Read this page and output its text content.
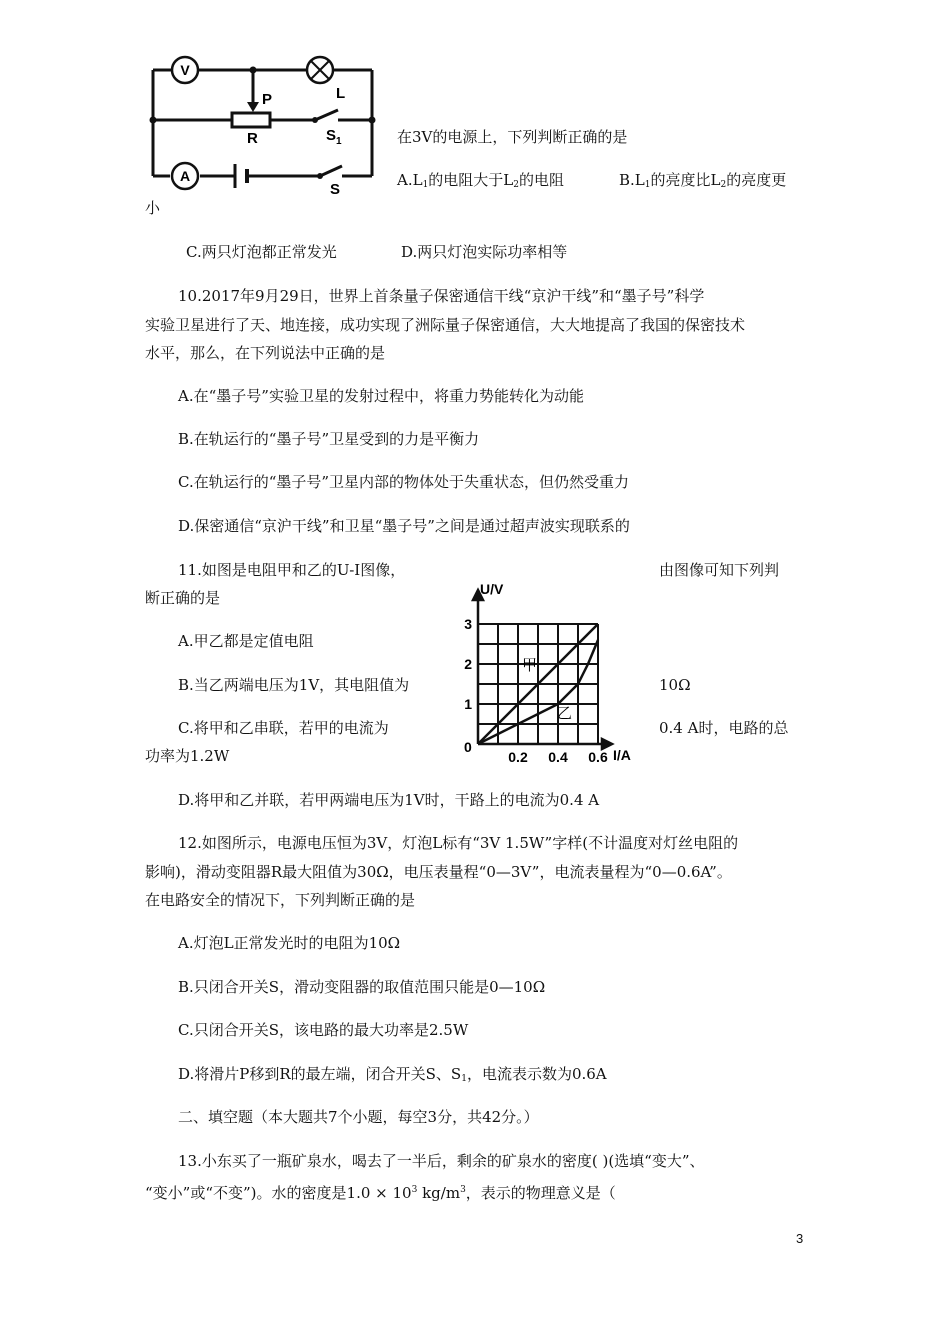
V
A
P
R
L
$S_1$
S
在3V的电源上，下列判断正确的是
$A.L_1$的电阻大于$L_2$的电阻	$B.L_1$的亮度比$L_2$的亮度更
小
C.两只灯泡都正常发光	D.两只灯泡实际功率相等
10.2017年9月29日，世界上首条量子保密通信干线“京沪干线”和“墨子号”科学
实验卫星进行了天、地连接，成功实现了洲际量子保密通信，大大地提高了我国的保密技术
水平，那么，在下列说法中正确的是
A.在“墨子号”实验卫星的发射过程中，将重力势能转化为动能
B.在轨运行的“墨子号”卫星受到的力是平衡力
C.在轨运行的“墨子号”卫星内部的物体处于失重状态，但仍然受重力
D.保密通信“京沪干线”和卫星“墨子号”之间是通过超声波实现联系的
11.如图是电阻甲和乙的U-I图像，	由图像可知下列判
断正确的是
A.甲乙都是定值电阻
B.当乙两端电压为1V，其电阻值为	10Ω
C.将甲和乙串联，若甲的电流为	0.4 A时，电路的总
功率为1.2W
D.将甲和乙并联，若甲两端电压为1V时，干路上的电流为0.4 A
U/V
I/A
0
1
2
3
0.2 0.4 0.6
甲
乙
12.如图所示，电源电压恒为3V，灯泡L标有“3V 1.5W”字样(不计温度对灯丝电阻的
影响)，滑动变阻器R最大阻值为30Ω，电压表量程“0—3V”，电流表量程为“0—0.6A”。
在电路安全的情况下，下列判断正确的是
A.灯泡L正常发光时的电阻为10Ω
B.只闭合开关S，滑动变阻器的取值范围只能是0—10Ω
C.只闭合开关S，该电路的最大功率是2.5W
D.将滑片P移到R的最左端，闭合开关S、$S_1$，电流表示数为0.6A
二、填空题（本大题共7个小题，每空3分，共42分。）
13.小东买了一瓶矿泉水，喝去了一半后，剩余的矿泉水的密度( )(选填“变大”、
“变小”或“不变”)。水的密度是$1.0 \times 10^3$ $kg/m^3$，表示的物理意义是（
3
